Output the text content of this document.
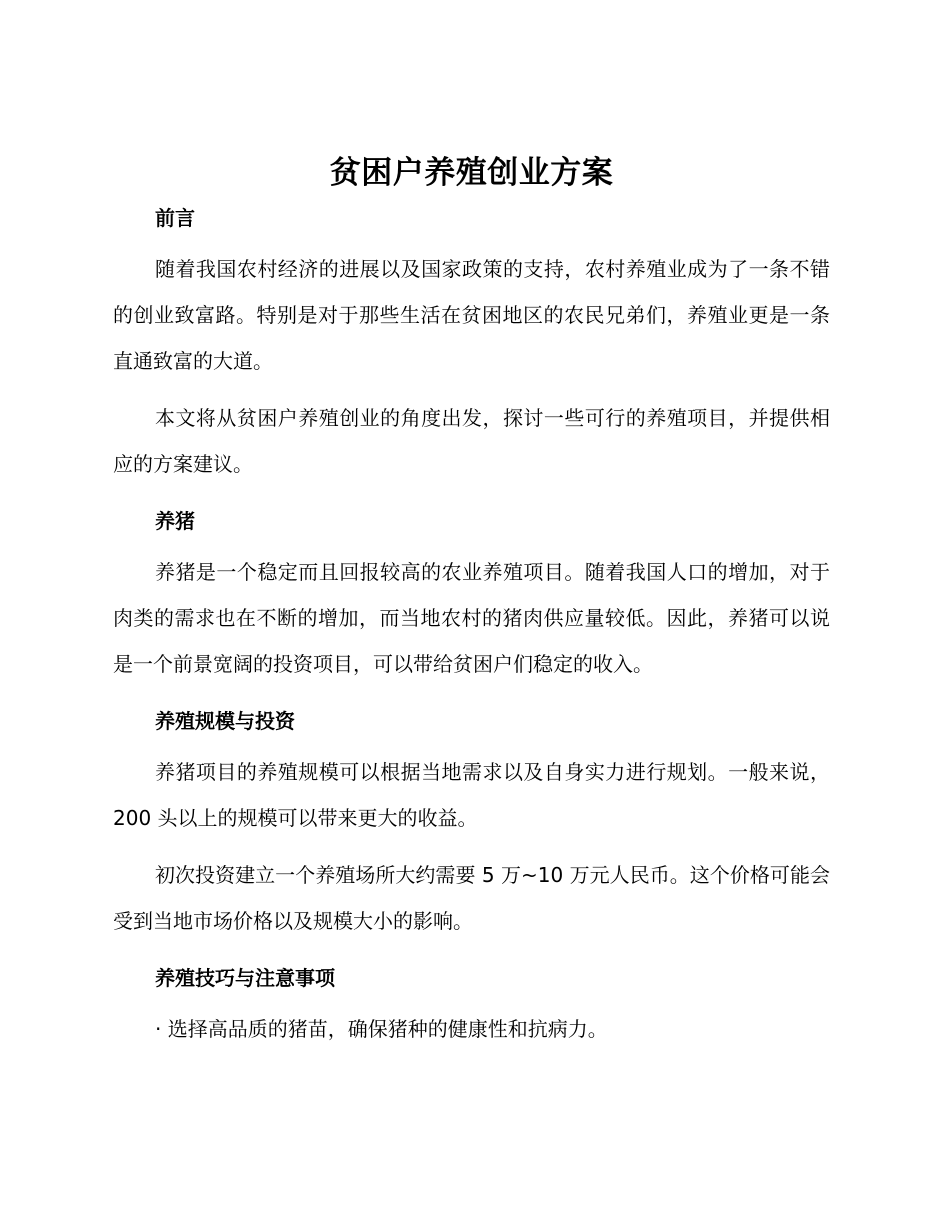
贫困户养殖创业方案
前言

随着我国农村经济的进展以及国家政策的支持，农村养殖业成为了一条不错的创业致富路。特别是对于那些生活在贫困地区的农民兄弟们，养殖业更是一条直通致富的大道。

本文将从贫困户养殖创业的角度出发，探讨一些可行的养殖项目，并提供相应的方案建议。

养猪

养猪是一个稳定而且回报较高的农业养殖项目。随着我国人口的增加，对于肉类的需求也在不断的增加，而当地农村的猪肉供应量较低。因此，养猪可以说是一个前景宽阔的投资项目，可以带给贫困户们稳定的收入。

养殖规模与投资

养猪项目的养殖规模可以根据当地需求以及自身实力进行规划。一般来说，200 头以上的规模可以带来更大的收益。

初次投资建立一个养殖场所大约需要 5 万~10 万元人民币。这个价格可能会受到当地市场价格以及规模大小的影响。

养殖技巧与注意事项

· 选择高品质的猪苗，确保猪种的健康性和抗病力。
